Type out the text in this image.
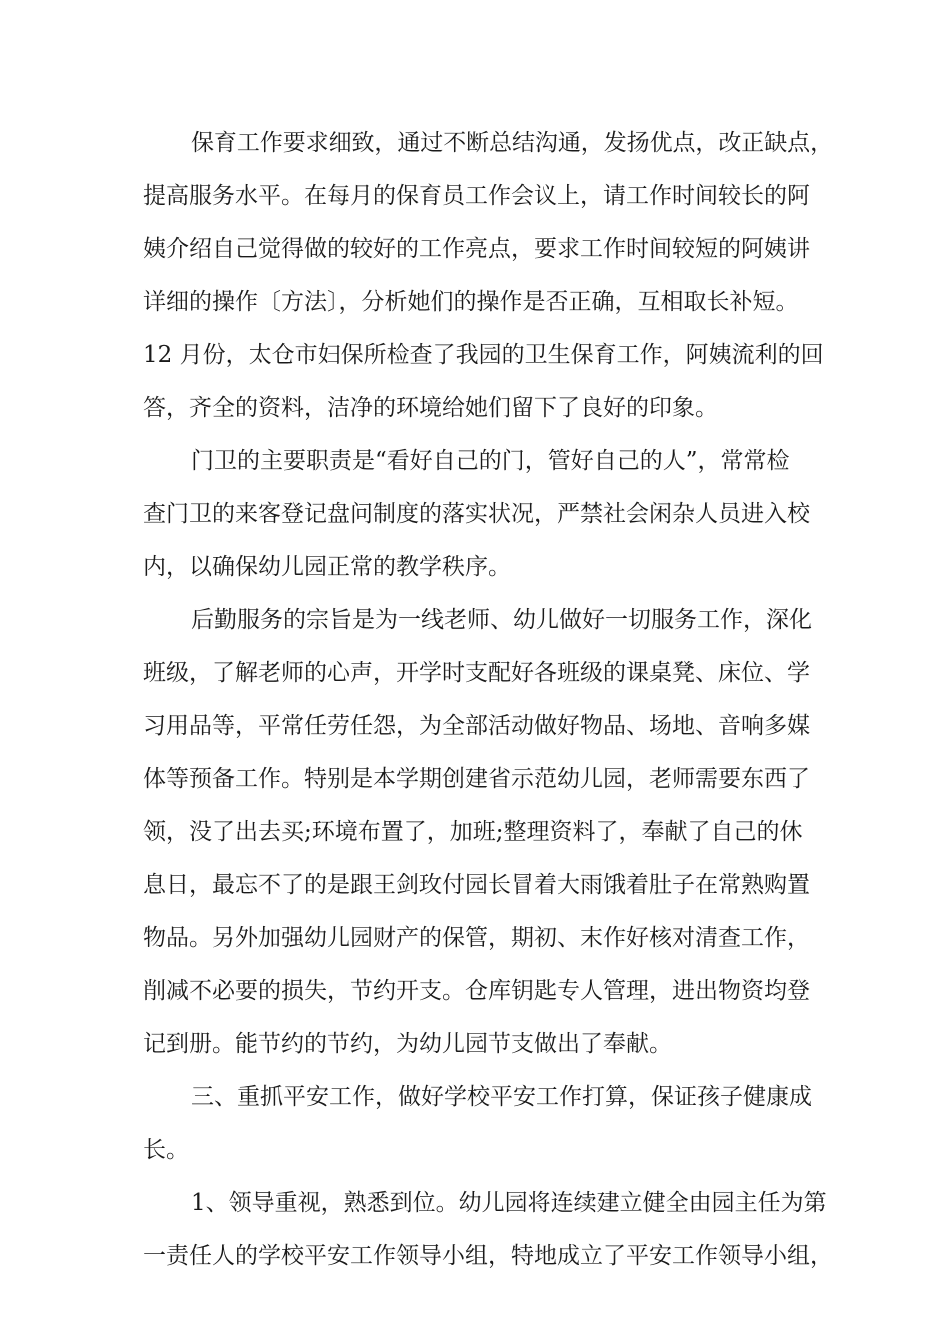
保育工作要求细致，通过不断总结沟通，发扬优点，改正缺点，
提高服务水平。在每月的保育员工作会议上，请工作时间较长的阿
姨介绍自己觉得做的较好的工作亮点，要求工作时间较短的阿姨讲
详细的操作〔方法〕，分析她们的操作是否正确，互相取长补短。
12 月份，太仓市妇保所检查了我园的卫生保育工作，阿姨流利的回
答，齐全的资料，洁净的环境给她们留下了良好的印象。
门卫的主要职责是“看好自己的门，管好自己的人”，常常检
查门卫的来客登记盘问制度的落实状况，严禁社会闲杂人员进入校
内，以确保幼儿园正常的教学秩序。
后勤服务的宗旨是为一线老师、幼儿做好一切服务工作，深化
班级，了解老师的心声，开学时支配好各班级的课桌凳、床位、学
习用品等，平常任劳任怨，为全部活动做好物品、场地、音响多媒
体等预备工作。特别是本学期创建省示范幼儿园，老师需要东西了
领，没了出去买;环境布置了，加班;整理资料了，奉献了自己的休
息日，最忘不了的是跟王剑玫付园长冒着大雨饿着肚子在常熟购置
物品。另外加强幼儿园财产的保管，期初、末作好核对清查工作，
削减不必要的损失，节约开支。仓库钥匙专人管理，进出物资均登
记到册。能节约的节约，为幼儿园节支做出了奉献。
三、重抓平安工作，做好学校平安工作打算，保证孩子健康成
长。
1、领导重视，熟悉到位。幼儿园将连续建立健全由园主任为第
一责任人的学校平安工作领导小组，特地成立了平安工作领导小组，
